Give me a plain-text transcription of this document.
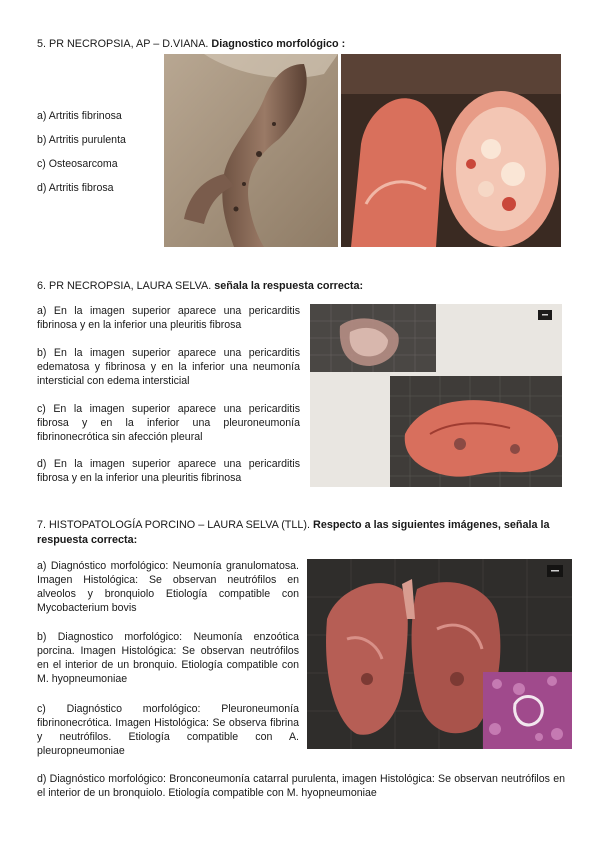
5. PR NECROPSIA, AP – D.VIANA. Diagnostico morfológico :
a) Artritis fibrinosa
b) Artritis purulenta
c) Osteosarcoma
d) Artritis fibrosa
6. PR NECROPSIA, LAURA SELVA. señala la respuesta correcta:
a) En la imagen superior aparece una pericarditis fibrinosa y en la inferior una pleuritis fibrosa
b) En la imagen superior aparece una pericarditis edematosa y fibrinosa y en la inferior una neumonía intersticial con edema intersticial
c) En la imagen superior aparece una pericarditis fibrosa y en la inferior una pleuroneumonía fibrinonecrótica sin afección pleural
d) En la imagen superior aparece una pericarditis fibrosa y en la inferior una pleuritis fibrinosa
7. HISTOPATOLOGÍA PORCINO – LAURA SELVA (TLL). Respecto a las siguientes imágenes, señala la respuesta correcta:
a) Diagnóstico morfológico: Neumonía granulomatosa. Imagen Histológica: Se observan neutrófilos en alveolos y bronquiolo Etiología compatible con Mycobacterium bovis
b) Diagnostico morfológico: Neumonía enzoótica porcina. Imagen Histológica: Se observan neutrófilos en el interior de un bronquio. Etiología compatible con M. hyopneumoniae
c) Diagnóstico morfológico: Pleuroneumonía fibrinonecrótica. Imagen Histológica: Se observa fibrina y neutrófilos. Etiología compatible con A. pleuropneumoniae
d) Diagnóstico morfológico: Bronconeumonía catarral purulenta, imagen Histológica: Se observan neutrófilos en el interior de un bronquiolo. Etiología compatible con M. hyopneumoniae
